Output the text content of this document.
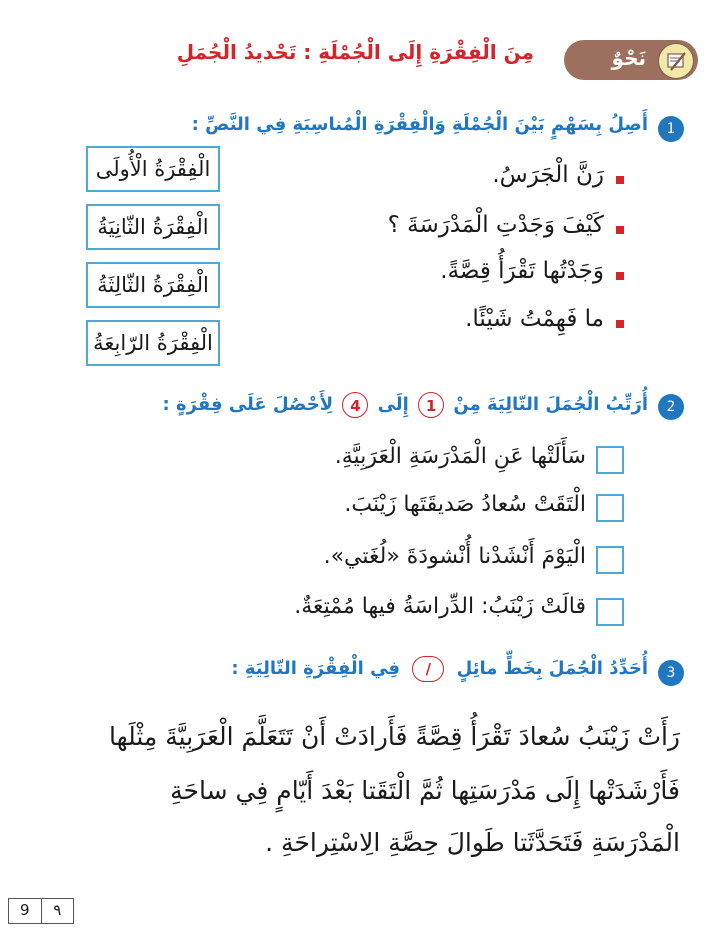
نَحْوٌ
مِنَ الْفِقْرَةِ إِلَى الْجُمْلَةِ : تَحْديدُ الْجُمَلِ
1
أَصِلُ بِسَهْمٍ بَيْنَ الْجُمْلَةِ وَالْفِقْرَةِ الْمُناسِبَةِ فِي النَّصِّ :
رَنَّ الْجَرَسُ.
كَيْفَ وَجَدْتِ الْمَدْرَسَةَ ؟
وَجَدْتُها تَقْرَأُ قِصَّةً.
ما فَهِمْتُ شَيْئًا.
الْفِقْرَةُ الْأُولَى
الْفِقْرَةُ الثّانِيَةُ
الْفِقْرَةُ الثّالِثَةُ
الْفِقْرَةُ الرّابِعَةُ
2
أُرَتِّبُ الْجُمَلَ التّالِيَةَ مِنْ 1 إِلَى 4 لِأَحْصُلَ عَلَى فِقْرَةٍ :
سَأَلَتْها عَنِ الْمَدْرَسَةِ الْعَرَبِيَّةِ.
الْتَقَتْ سُعادُ صَديقَتَها زَيْنَبَ.
الْيَوْمَ أَنْشَدْنا أُنْشودَةَ «لُغَتي».
قالَتْ زَيْنَبُ: الدِّراسَةُ فيها مُمْتِعَةٌ.
3
أُحَدِّدُ الْجُمَلَ بِخَطٍّ مائِلٍ / فِي الْفِقْرَةِ التّالِيَةِ :
رَأَتْ زَيْنَبُ سُعادَ تَقْرَأُ قِصَّةً فَأَرادَتْ أَنْ تَتَعَلَّمَ الْعَرَبِيَّةَ مِثْلَها
فَأَرْشَدَتْها إِلَى مَدْرَسَتِها ثُمَّ الْتَقَتا بَعْدَ أَيّامٍ فِي ساحَةِ
الْمَدْرَسَةِ فَتَحَدَّثَتا طَوالَ حِصَّةِ الِاسْتِراحَةِ .
9	٩
